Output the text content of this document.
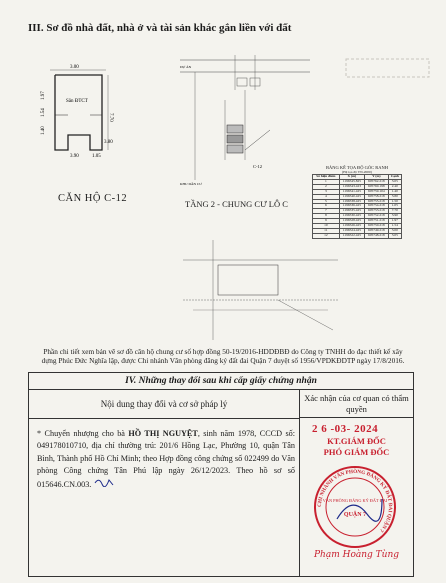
III. Sơ đồ nhà đất, nhà ở và tài sản khác gắn liền với đất
3.00
7.70
1.40
1.54
1.97
3.90	1.05
3.80
Sân ĐTCT
CĂN HỘ C-12
C-12
DỰ ÁN
KHU DÂN CƯ
TẦNG 2 - CHUNG CƯ LÔ C
BẢNG KÊ TỌA ĐỘ GÓC RANH
(Hệ tọa độ VN-2000)
Số hiệu điểm	X (m)	Y (m)	Cạnh
1	1196545.825	605762.218	3.05
2	1196543.423	605760.198	2.40
3	1196541.425	605759.104	1.40
4	1196540.425	605758.218	3.80
5	1196538.425	605755.218	1.50
6	1196536.425	605754.218	1.05
7	1196535.425	605753.218	7.70
8	1196530.425	605752.218	3.90
9	1196528.425	605751.218	1.97
10	1196526.425	605750.218	1.54
11	1196524.425	605749.218	3.00
12	1196522.425	605748.218	3.05
Phần chi tiết xem bản vẽ sơ đồ căn hộ chung cư số hợp đồng 50-19/2016-HDDĐBĐ do Công ty TNHH đo đạc thiết kế xây dựng Phúc Đức Nghĩa lập, được Chi nhánh Văn phòng đăng ký đất đai Quận 7 duyệt số 1956/VPDKĐDTP ngày 17/8/2016.
IV. Những thay đổi sau khi cấp giấy chứng nhận
Nội dung thay đổi và cơ sở pháp lý
* Chuyển nhượng cho bà HỒ THỊ NGUYỆT, sinh năm 1978, CCCD số: 049178010710, địa chỉ thường trú: 201/6 Hồng Lạc, Phường 10, quận Tân Bình, Thành phố Hồ Chí Minh; theo Hợp đồng công chứng số 022499 do Văn phòng Công chứng Tân Phú lập ngày 26/12/2023. Theo hồ sơ số 015646.CN.003.
Xác nhận của cơ quan có thẩm quyền
2 6 -03- 2024
KT.GIÁM ĐỐC
PHÓ GIÁM ĐỐC
CHI NHÁNH VĂN PHÒNG ĐĂNG KÝ ĐẤT ĐAI QUẬN 7
VĂN PHÒNG ĐĂNG KÝ ĐẤT ĐAI
QUẬN 7
Phạm Hoàng Tùng
